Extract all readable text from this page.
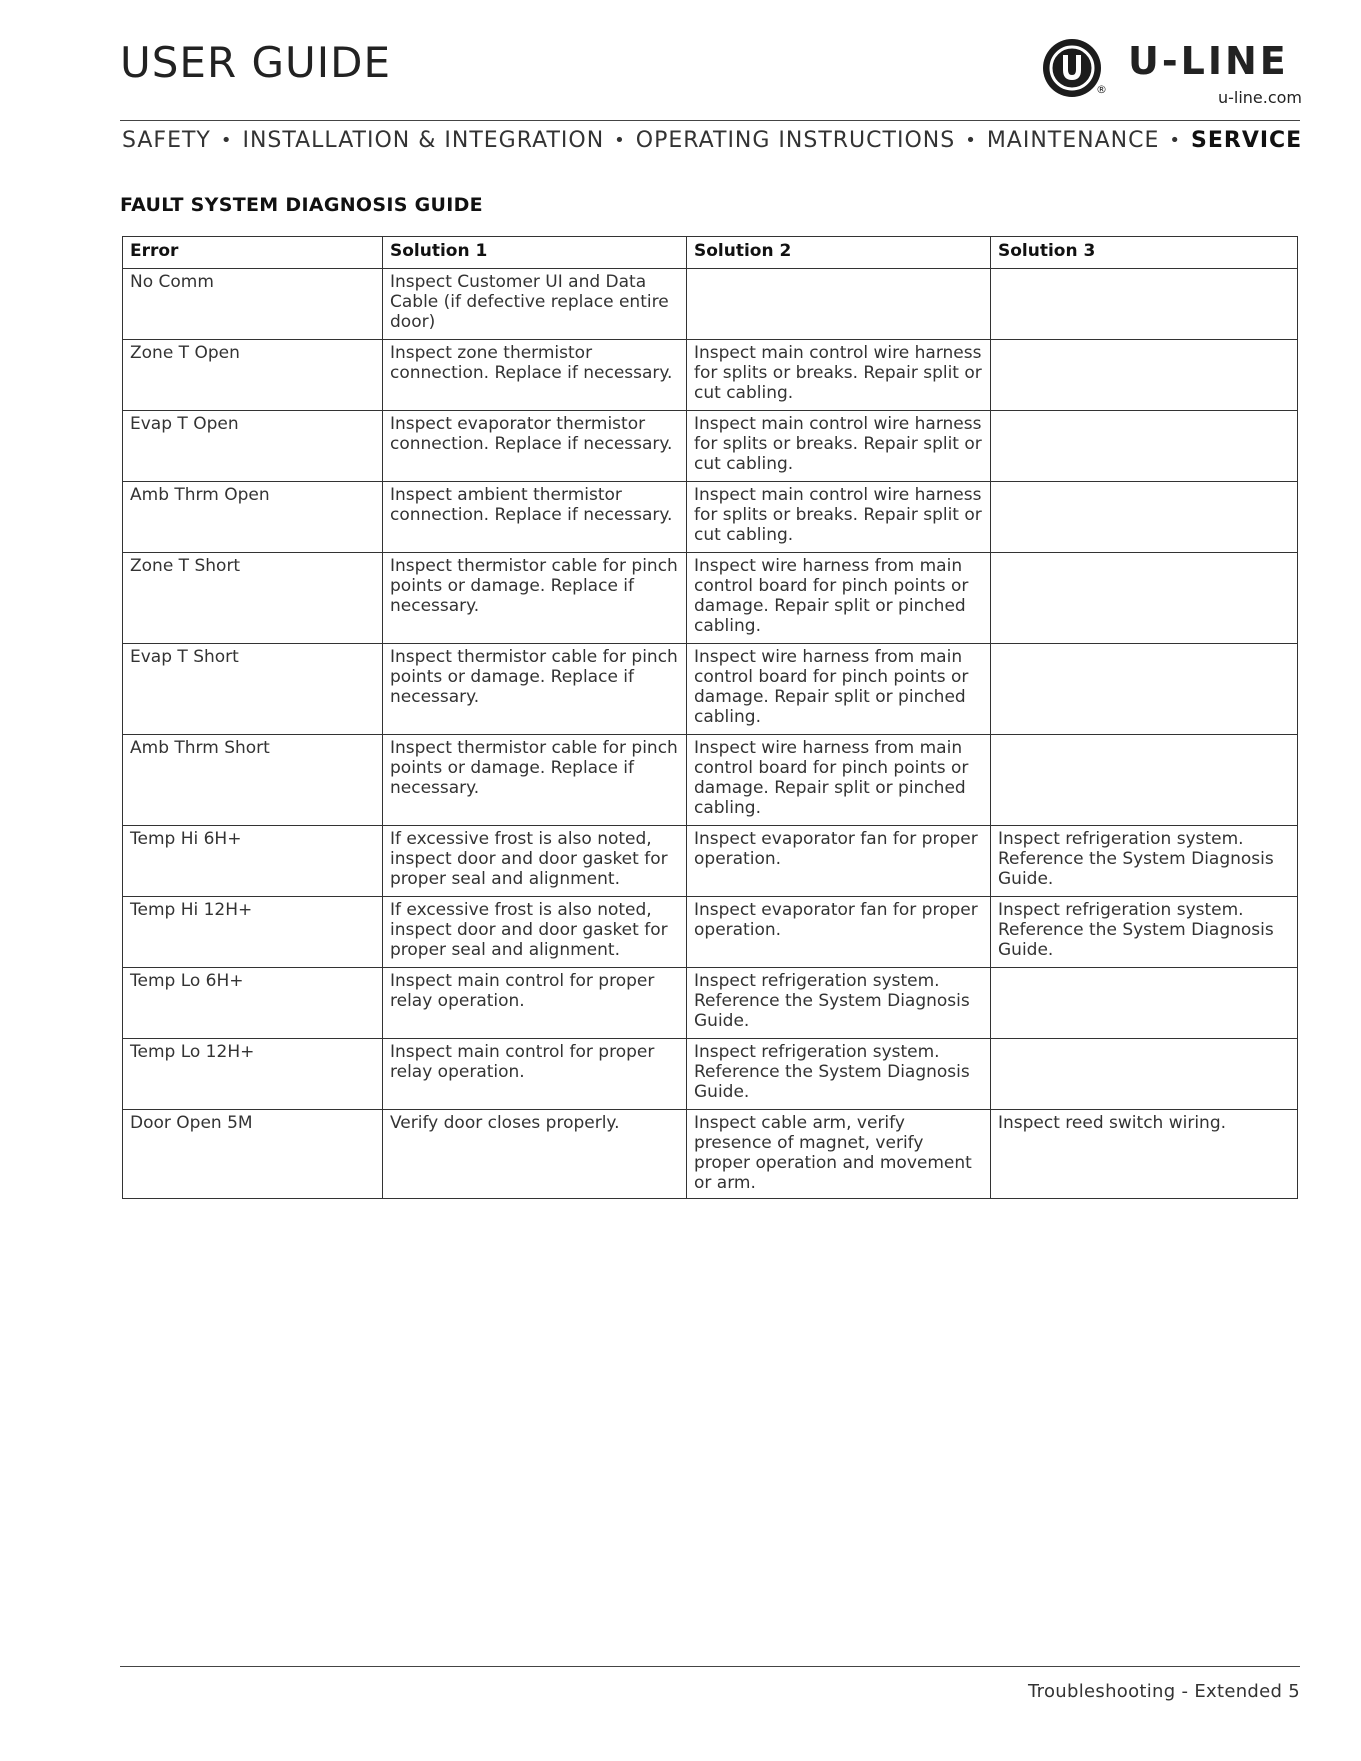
USER GUIDE
®
U-LINE
u-line.com
SAFETY • INSTALLATION & INTEGRATION • OPERATING INSTRUCTIONS • MAINTENANCE • SERVICE
FAULT SYSTEM DIAGNOSIS GUIDE
Error	Solution 1	Solution 2	Solution 3
No Comm	Inspect Customer UI and Data Cable (if defective replace entire door)		
Zone T Open	Inspect zone thermistor connection. Replace if necessary.	Inspect main control wire harness for splits or breaks. Repair split or cut cabling.	
Evap T Open	Inspect evaporator thermistor connection. Replace if necessary.	Inspect main control wire harness for splits or breaks. Repair split or cut cabling.	
Amb Thrm Open	Inspect ambient thermistor connection. Replace if necessary.	Inspect main control wire harness for splits or breaks. Repair split or cut cabling.	
Zone T Short	Inspect thermistor cable for pinch points or damage. Replace if necessary.	Inspect wire harness from main control board for pinch points or damage. Repair split or pinched cabling.	
Evap T Short	Inspect thermistor cable for pinch points or damage. Replace if necessary.	Inspect wire harness from main control board for pinch points or damage. Repair split or pinched cabling.	
Amb Thrm Short	Inspect thermistor cable for pinch points or damage. Replace if necessary.	Inspect wire harness from main control board for pinch points or damage. Repair split or pinched cabling.	
Temp Hi 6H+	If excessive frost is also noted, inspect door and door gasket for proper seal and alignment.	Inspect evaporator fan for proper operation.	Inspect refrigeration system. Reference the System Diagnosis Guide.
Temp Hi 12H+	If excessive frost is also noted, inspect door and door gasket for proper seal and alignment.	Inspect evaporator fan for proper operation.	Inspect refrigeration system. Reference the System Diagnosis Guide.
Temp Lo 6H+	Inspect main control for proper relay operation.	Inspect refrigeration system. Reference the System Diagnosis Guide.	
Temp Lo 12H+	Inspect main control for proper relay operation.	Inspect refrigeration system. Reference the System Diagnosis Guide.	
Door Open 5M	Verify door closes properly.	Inspect cable arm, verify presence of magnet, verify proper operation and movement or arm.	Inspect reed switch wiring.
Troubleshooting - Extended 5
